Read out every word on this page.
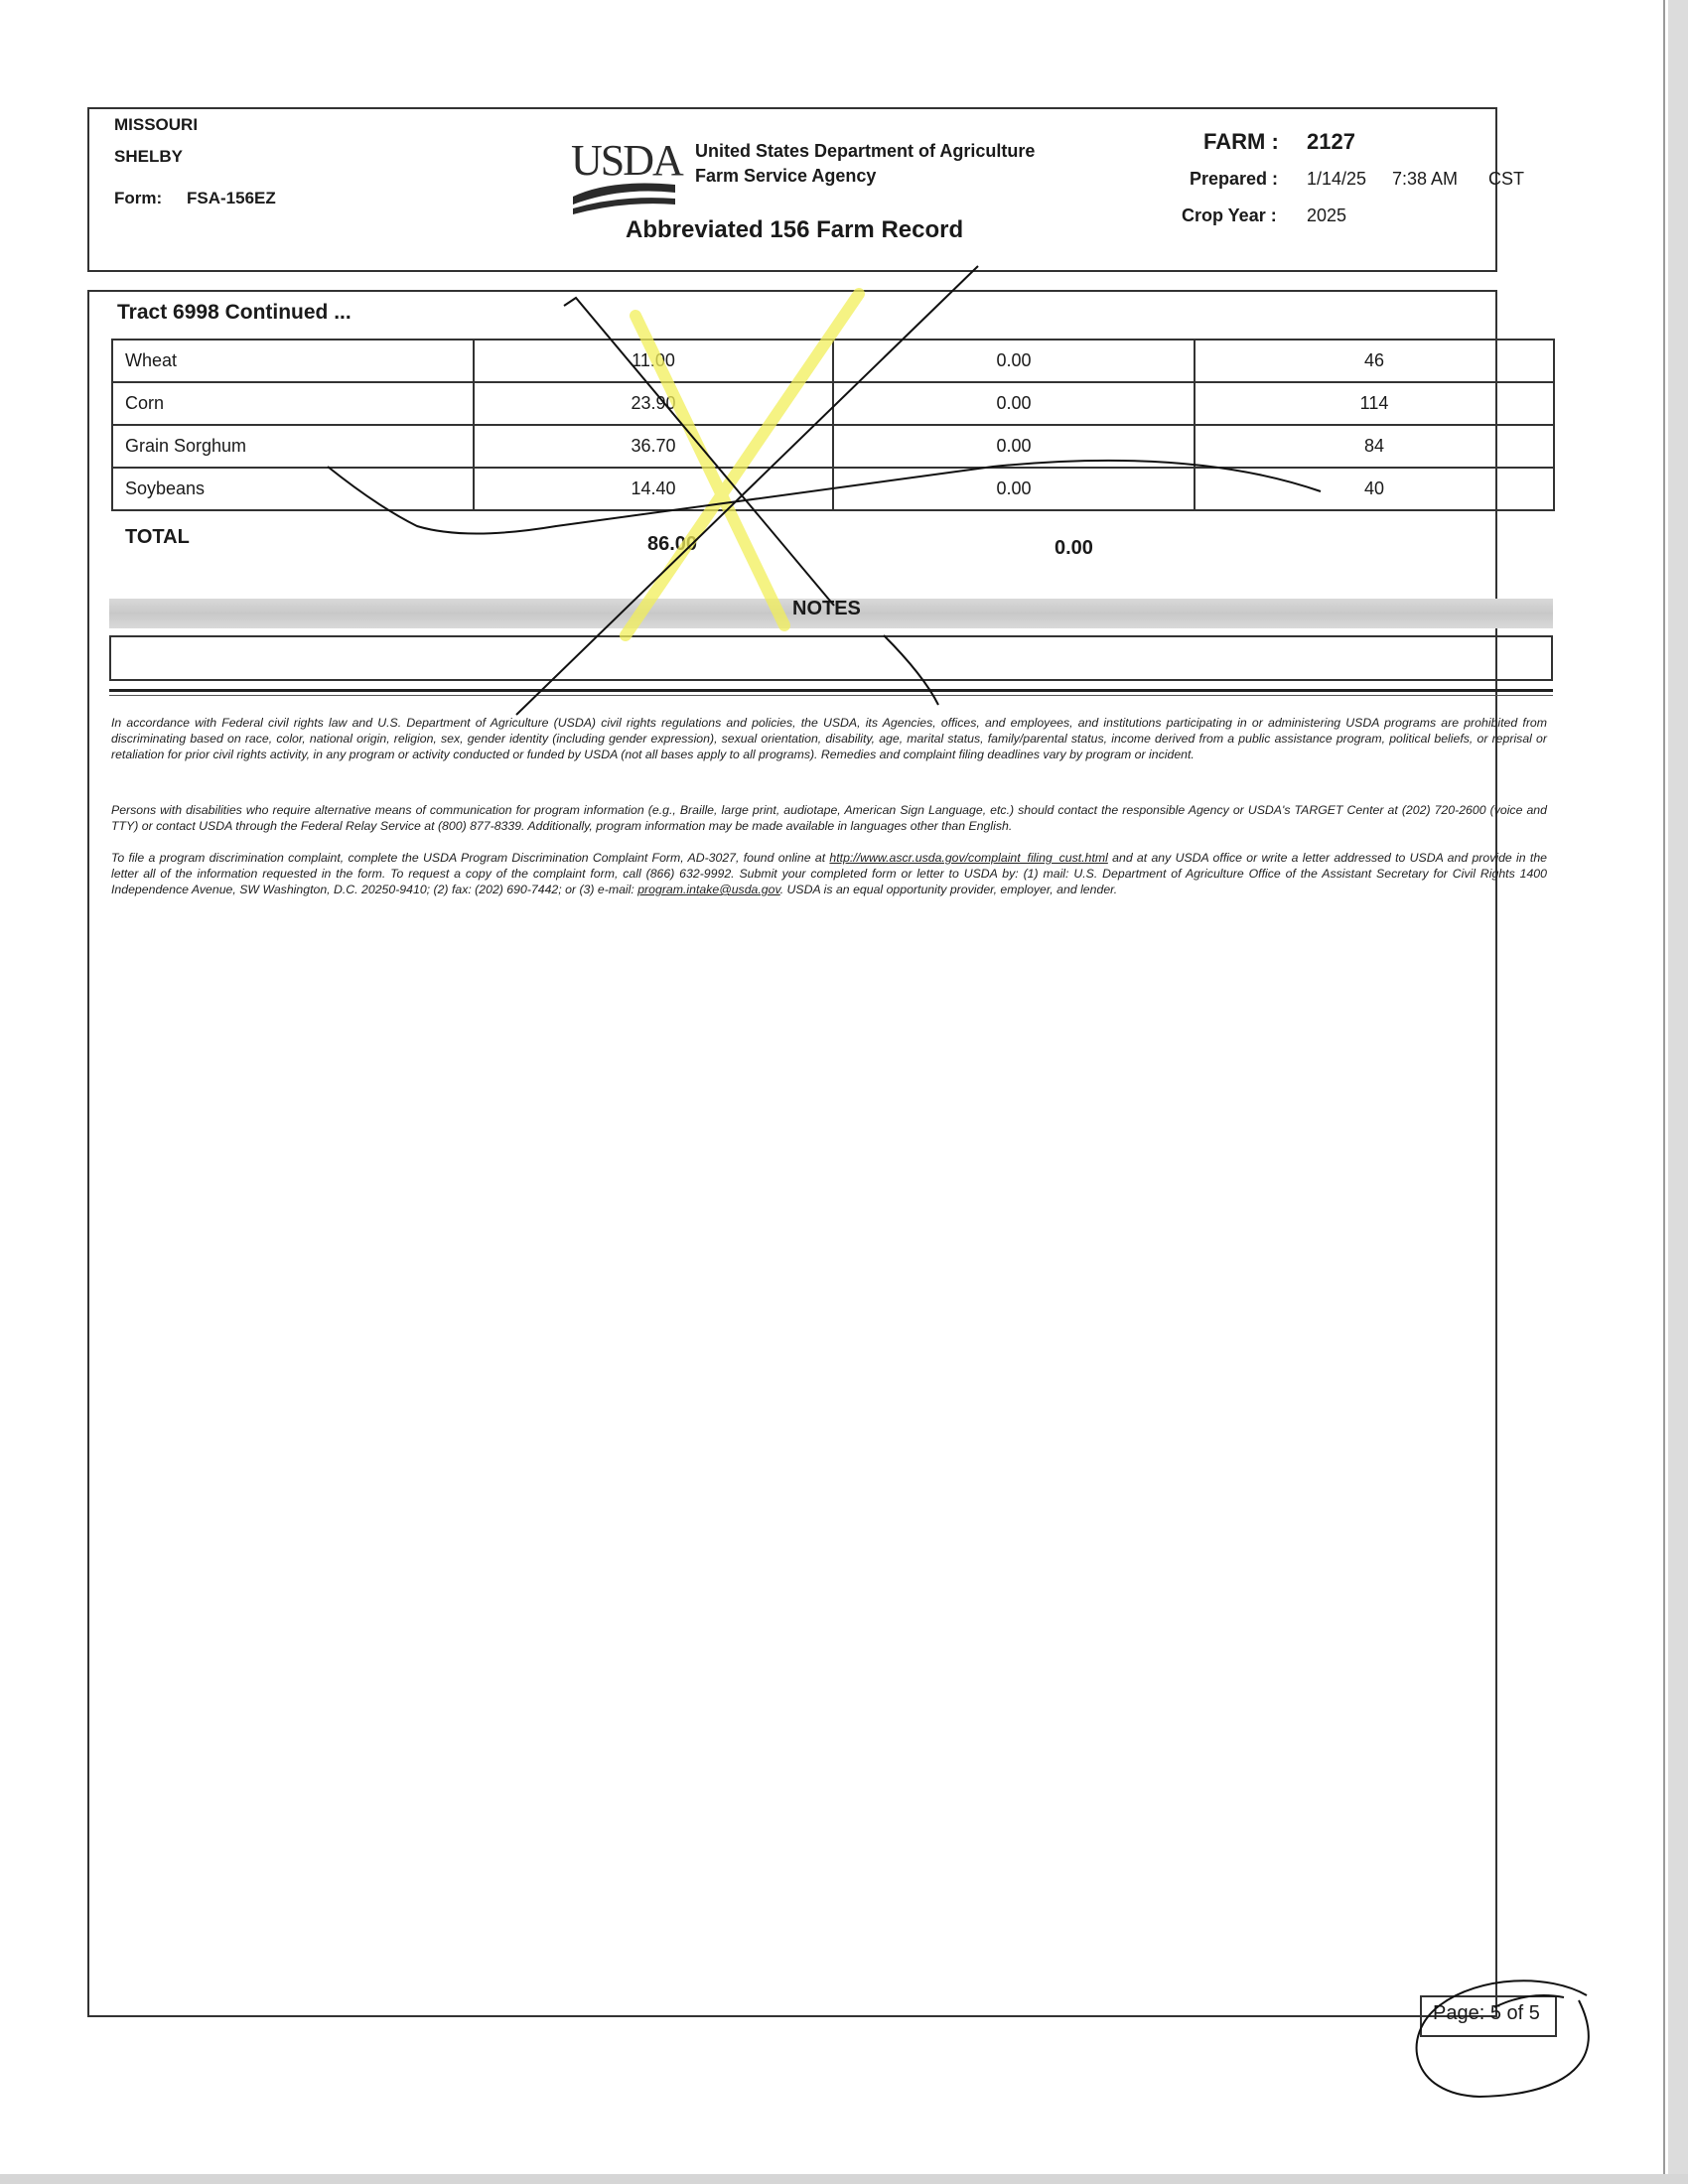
MISSOURI
SHELBY
Form: FSA-156EZ
USDA United States Department of Agriculture
Farm Service Agency
Abbreviated 156 Farm Record
FARM : 2127
Prepared : 1/14/25 7:38 AM CST
Crop Year : 2025
Tract 6998 Continued ...
Wheat	11.00	0.00	46
Corn	23.90	0.00	114
Grain Sorghum	36.70	0.00	84
Soybeans	14.40	0.00	40
TOTAL	86.00	0.00
NOTES

In accordance with Federal civil rights law and U.S. Department of Agriculture (USDA) civil rights regulations and policies, the USDA, its Agencies, offices, and employees, and institutions participating in or administering USDA programs are prohibited from discriminating based on race, color, national origin, religion, sex, gender identity (including gender expression), sexual orientation, disability, age, marital status, family/parental status, income derived from a public assistance program, political beliefs, or reprisal or retaliation for prior civil rights activity, in any program or activity conducted or funded by USDA (not all bases apply to all programs). Remedies and complaint filing deadlines vary by program or incident.

Persons with disabilities who require alternative means of communication for program information (e.g., Braille, large print, audiotape, American Sign Language, etc.) should contact the responsible Agency or USDA's TARGET Center at (202) 720-2600 (voice and TTY) or contact USDA through the Federal Relay Service at (800) 877-8339. Additionally, program information may be made available in languages other than English.

To file a program discrimination complaint, complete the USDA Program Discrimination Complaint Form, AD-3027, found online at http://www.ascr.usda.gov/complaint_filing_cust.html and at any USDA office or write a letter addressed to USDA and provide in the letter all of the information requested in the form. To request a copy of the complaint form, call (866) 632-9992. Submit your completed form or letter to USDA by: (1) mail: U.S. Department of Agriculture Office of the Assistant Secretary for Civil Rights 1400 Independence Avenue, SW Washington, D.C. 20250-9410; (2) fax: (202) 690-7442; or (3) e-mail: program.intake@usda.gov. USDA is an equal opportunity provider, employer, and lender.

Page: 5 of 5
